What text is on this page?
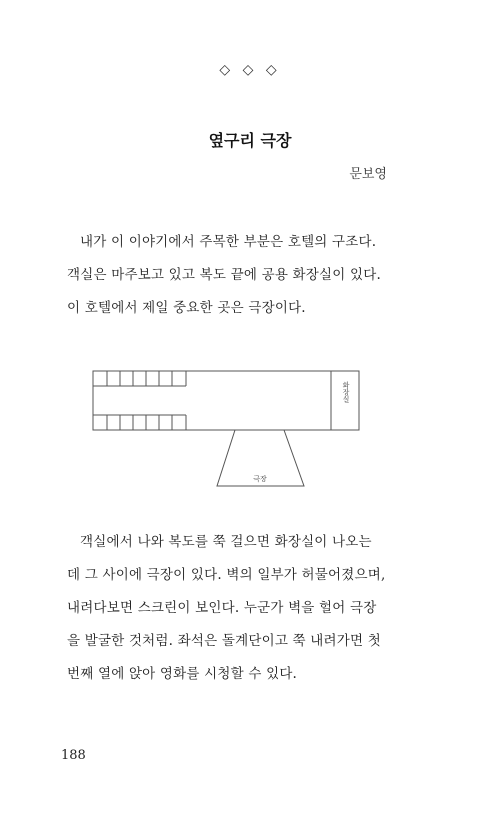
◇ ◇ ◇
옆구리 극장
문보영
내가 이 이야기에서 주목한 부분은 호텔의 구조다.
객실은 마주보고 있고 복도 끝에 공용 화장실이 있다.
이 호텔에서 제일 중요한 곳은 극장이다.
화장실
극장
객실에서 나와 복도를 쭉 걸으면 화장실이 나오는
데 그 사이에 극장이 있다. 벽의 일부가 허물어졌으며,
내려다보면 스크린이 보인다. 누군가 벽을 헐어 극장
을 발굴한 것처럼. 좌석은 돌계단이고 쭉 내려가면 첫
번째 열에 앉아 영화를 시청할 수 있다.
188
